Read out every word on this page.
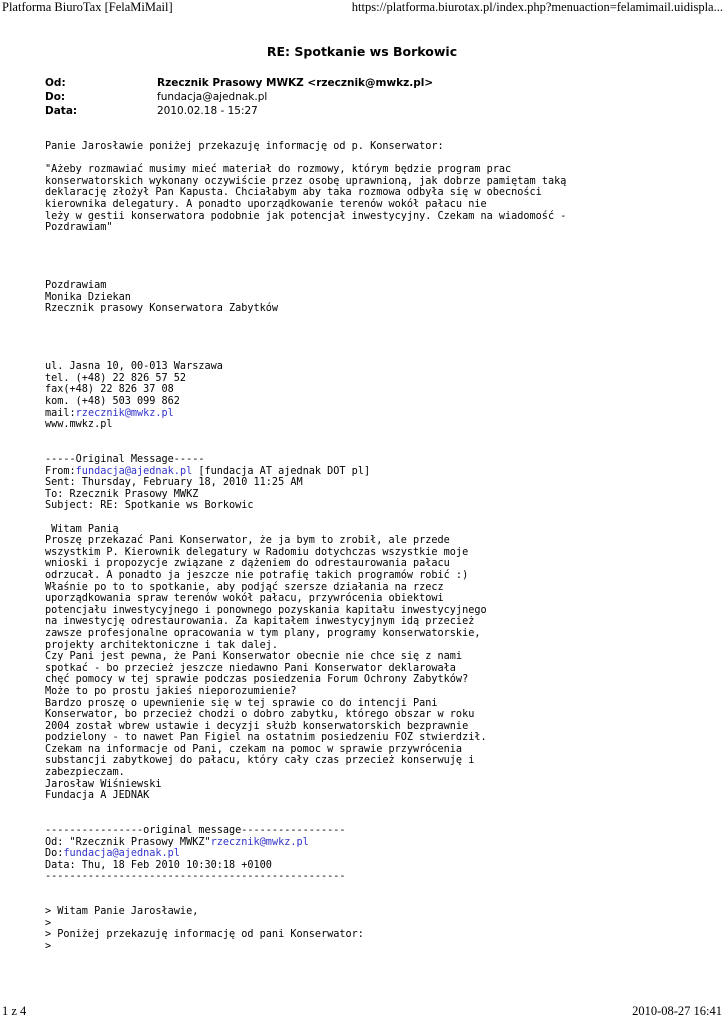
Platforma BiuroTax [FelaMiMail]	https://platforma.biurotax.pl/index.php?menuaction=felamimail.uidispla...
RE: Spotkanie ws Borkowic
Od:	Rzecznik Prasowy MWKZ <rzecznik@mwkz.pl>
Do:	fundacja@ajednak.pl
Data:	2010.02.18 - 15:27
Panie Jarosławie poniżej przekazuję informację od p. Konserwator:

"Ażeby rozmawiać musimy mieć materiał do rozmowy, którym będzie program prac
konserwatorskich wykonany oczywiście przez osobę uprawnioną, jak dobrze pamiętam taką
deklarację złożył Pan Kapusta. Chciałabym aby taka rozmowa odbyła się w obecności
kierownika delegatury. A ponadto uporządkowanie terenów wokół pałacu nie
leży w gestii konserwatora podobnie jak potencjał inwestycyjny. Czekam na wiadomość -
Pozdrawiam"

Pozdrawiam
Monika Dziekan
Rzecznik prasowy Konserwatora Zabytków

ul. Jasna 10, 00-013 Warszawa
tel. (+48) 22 826 57 52
fax(+48) 22 826 37 08
kom. (+48) 503 099 862
mail:rzecznik@mwkz.pl
www.mwkz.pl

-----Original Message-----
From:fundacja@ajednak.pl [fundacja AT ajednak DOT pl]
Sent: Thursday, February 18, 2010 11:25 AM
To: Rzecznik Prasowy MWKZ
Subject: RE: Spotkanie ws Borkowic

Witam Panią
Proszę przekazać Pani Konserwator, że ja bym to zrobił, ale przede
wszystkim P. Kierownik delegatury w Radomiu dotychczas wszystkie moje
wnioski i propozycje związane z dążeniem do odrestaurowania pałacu
odrzucał. A ponadto ja jeszcze nie potrafię takich programów robić :)
Właśnie po to to spotkanie, aby podjąć szersze działania na rzecz
uporządkowania spraw terenów wokół pałacu, przywrócenia obiektowi
potencjału inwestycyjnego i ponownego pozyskania kapitału inwestycyjnego
na inwestycję odrestaurowania. Za kapitałem inwestycyjnym idą przecież
zawsze profesjonalne opracowania w tym plany, programy konserwatorskie,
projekty architektoniczne i tak dalej.
Czy Pani jest pewna, że Pani Konserwator obecnie nie chce się z nami
spotkać - bo przecież jeszcze niedawno Pani Konserwator deklarowała
chęć pomocy w tej sprawie podczas posiedzenia Forum Ochrony Zabytków?
Może to po prostu jakieś nieporozumienie?
Bardzo proszę o upewnienie się w tej sprawie co do intencji Pani
Konserwator, bo przecież chodzi o dobro zabytku, którego obszar w roku
2004 został wbrew ustawie i decyzji służb konserwatorskich bezprawnie
podzielony - to nawet Pan Figiel na ostatnim posiedzeniu FOZ stwierdził.
Czekam na informacje od Pani, czekam na pomoc w sprawie przywrócenia
substancji zabytkowej do pałacu, który cały czas przecież konserwuję i
zabezpieczam.
Jarosław Wiśniewski
Fundacja A JEDNAK

----------------original message-----------------
Od: "Rzecznik Prasowy MWKZ"rzecznik@mwkz.pl
Do:fundacja@ajednak.pl
Data: Thu, 18 Feb 2010 10:30:18 +0100
-------------------------------------------------

> Witam Panie Jarosławie,
>
> Poniżej przekazuję informację od pani Konserwator:
>
1 z 4	2010-08-27 16:41
